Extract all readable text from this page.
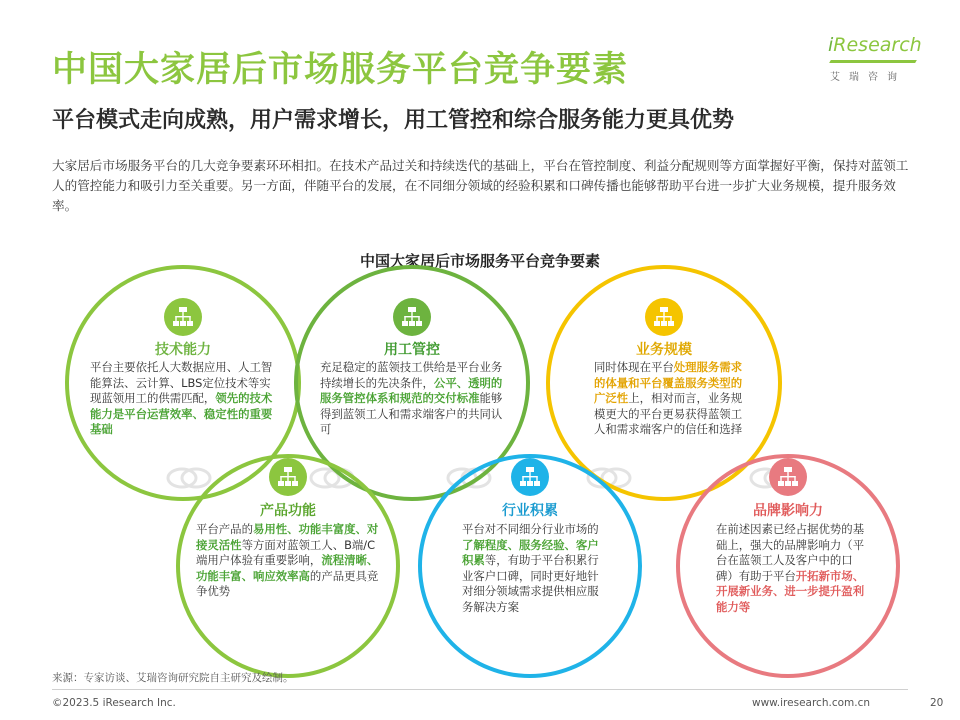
中国大家居后市场服务平台竞争要素
平台模式走向成熟，用户需求增长，用工管控和综合服务能力更具优势
大家居后市场服务平台的几大竞争要素环环相扣。在技术产品过关和持续迭代的基础上，平台在管控制度、利益分配规则等方面掌握好平衡，保持对蓝领工人的管控能力和吸引力至关重要。另一方面，伴随平台的发展，在不同细分领域的经验积累和口碑传播也能够帮助平台进一步扩大业务规模，提升服务效率。
iResearch
艾瑞咨询
中国大家居后市场服务平台竞争要素
技术能力
平台主要依托人大数据应用、人工智能算法、云计算、LBS定位技术等实现蓝领用工的供需匹配，领先的技术能力是平台运营效率、稳定性的重要基础
用工管控
充足稳定的蓝领技工供给是平台业务持续增长的先决条件，公平、透明的服务管控体系和规范的交付标准能够得到蓝领工人和需求端客户的共同认可
业务规模
同时体现在平台处理服务需求的体量和平台覆盖服务类型的广泛性上，相对而言，业务规模更大的平台更易获得蓝领工人和需求端客户的信任和选择
产品功能
平台产品的易用性、功能丰富度、对接灵活性等方面对蓝领工人、B端/C端用户体验有重要影响，流程清晰、功能丰富、响应效率高的产品更具竞争优势
行业积累
平台对不同细分行业市场的了解程度、服务经验、客户积累等，有助于平台积累行业客户口碑，同时更好地针对细分领域需求提供相应服务解决方案
品牌影响力
在前述因素已经占据优势的基础上，强大的品牌影响力（平台在蓝领工人及客户中的口碑）有助于平台开拓新市场、开展新业务、进一步提升盈利能力等
来源：专家访谈、艾瑞咨询研究院自主研究及绘制。
©2023.5 iResearch Inc.	www.iresearch.com.cn	20
